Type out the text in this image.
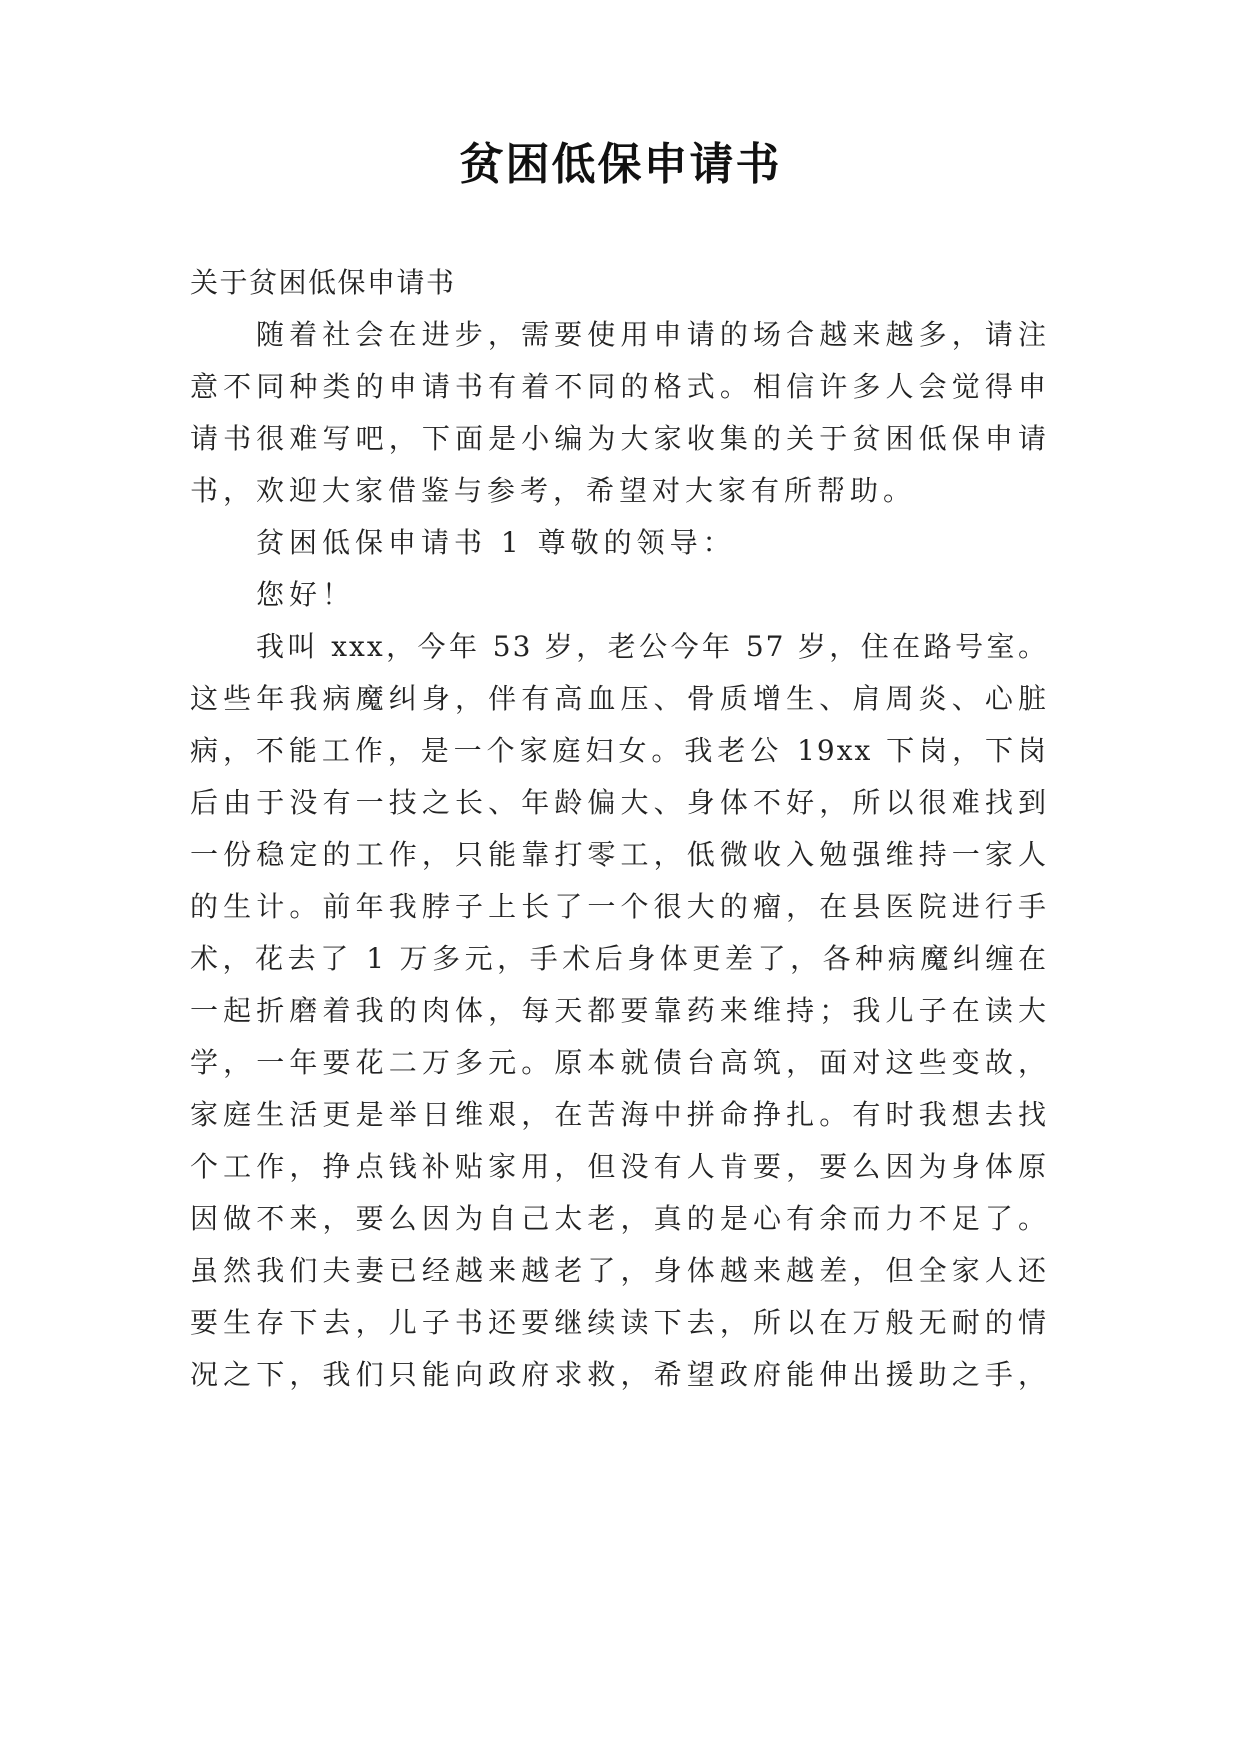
贫困低保申请书
关于贫困低保申请书
随着社会在进步，需要使用申请的场合越来越多，请注
意不同种类的申请书有着不同的格式。相信许多人会觉得申
请书很难写吧，下面是小编为大家收集的关于贫困低保申请
书，欢迎大家借鉴与参考，希望对大家有所帮助。
贫困低保申请书 1 尊敬的领导：
您好！
我叫 xxx，今年 53 岁，老公今年 57 岁，住在路号室。
这些年我病魔纠身，伴有高血压、骨质增生、肩周炎、心脏
病，不能工作，是一个家庭妇女。我老公 19xx 下岗，下岗
后由于没有一技之长、年龄偏大、身体不好，所以很难找到
一份稳定的工作，只能靠打零工，低微收入勉强维持一家人
的生计。前年我脖子上长了一个很大的瘤，在县医院进行手
术，花去了 1 万多元，手术后身体更差了，各种病魔纠缠在
一起折磨着我的肉体，每天都要靠药来维持；我儿子在读大
学，一年要花二万多元。原本就债台高筑，面对这些变故，
家庭生活更是举日维艰，在苦海中拼命挣扎。有时我想去找
个工作，挣点钱补贴家用，但没有人肯要，要么因为身体原
因做不来，要么因为自己太老，真的是心有余而力不足了。
虽然我们夫妻已经越来越老了，身体越来越差，但全家人还
要生存下去，儿子书还要继续读下去，所以在万般无耐的情
况之下，我们只能向政府求救，希望政府能伸出援助之手，
